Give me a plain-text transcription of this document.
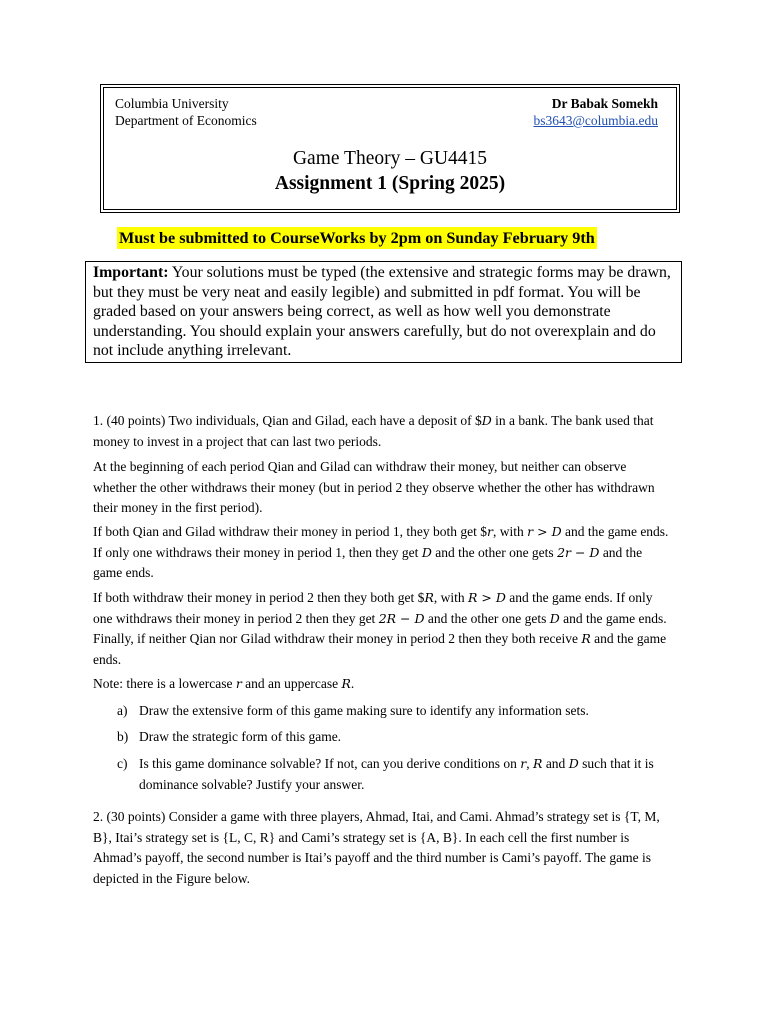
Columbia University
Department of Economics
Dr Babak Somekh
bs3643@columbia.edu
Game Theory – GU4415
Assignment 1 (Spring 2025)
Must be submitted to CourseWorks by 2pm on Sunday February 9th
Important: Your solutions must be typed (the extensive and strategic forms may be drawn, but they must be very neat and easily legible) and submitted in pdf format. You will be graded based on your answers being correct, as well as how well you demonstrate understanding. You should explain your answers carefully, but do not overexplain and do not include anything irrelevant.
1. (40 points) Two individuals, Qian and Gilad, each have a deposit of $D in a bank. The bank used that money to invest in a project that can last two periods.
At the beginning of each period Qian and Gilad can withdraw their money, but neither can observe whether the other withdraws their money (but in period 2 they observe whether the other has withdrawn their money in the first period).
If both Qian and Gilad withdraw their money in period 1, they both get $r, with r > D and the game ends. If only one withdraws their money in period 1, then they get D and the other one gets 2r − D and the game ends.
If both withdraw their money in period 2 then they both get $R, with R > D and the game ends. If only one withdraws their money in period 2 then they get 2R − D and the other one gets D and the game ends. Finally, if neither Qian nor Gilad withdraw their money in period 2 then they both receive R and the game ends.
Note: there is a lowercase r and an uppercase R.
a) Draw the extensive form of this game making sure to identify any information sets.
b) Draw the strategic form of this game.
c) Is this game dominance solvable? If not, can you derive conditions on r, R and D such that it is dominance solvable? Justify your answer.
2. (30 points) Consider a game with three players, Ahmad, Itai, and Cami. Ahmad’s strategy set is {T, M, B}, Itai’s strategy set is {L, C, R} and Cami’s strategy set is {A, B}. In each cell the first number is Ahmad’s payoff, the second number is Itai’s payoff and the third number is Cami’s payoff. The game is depicted in the Figure below.
